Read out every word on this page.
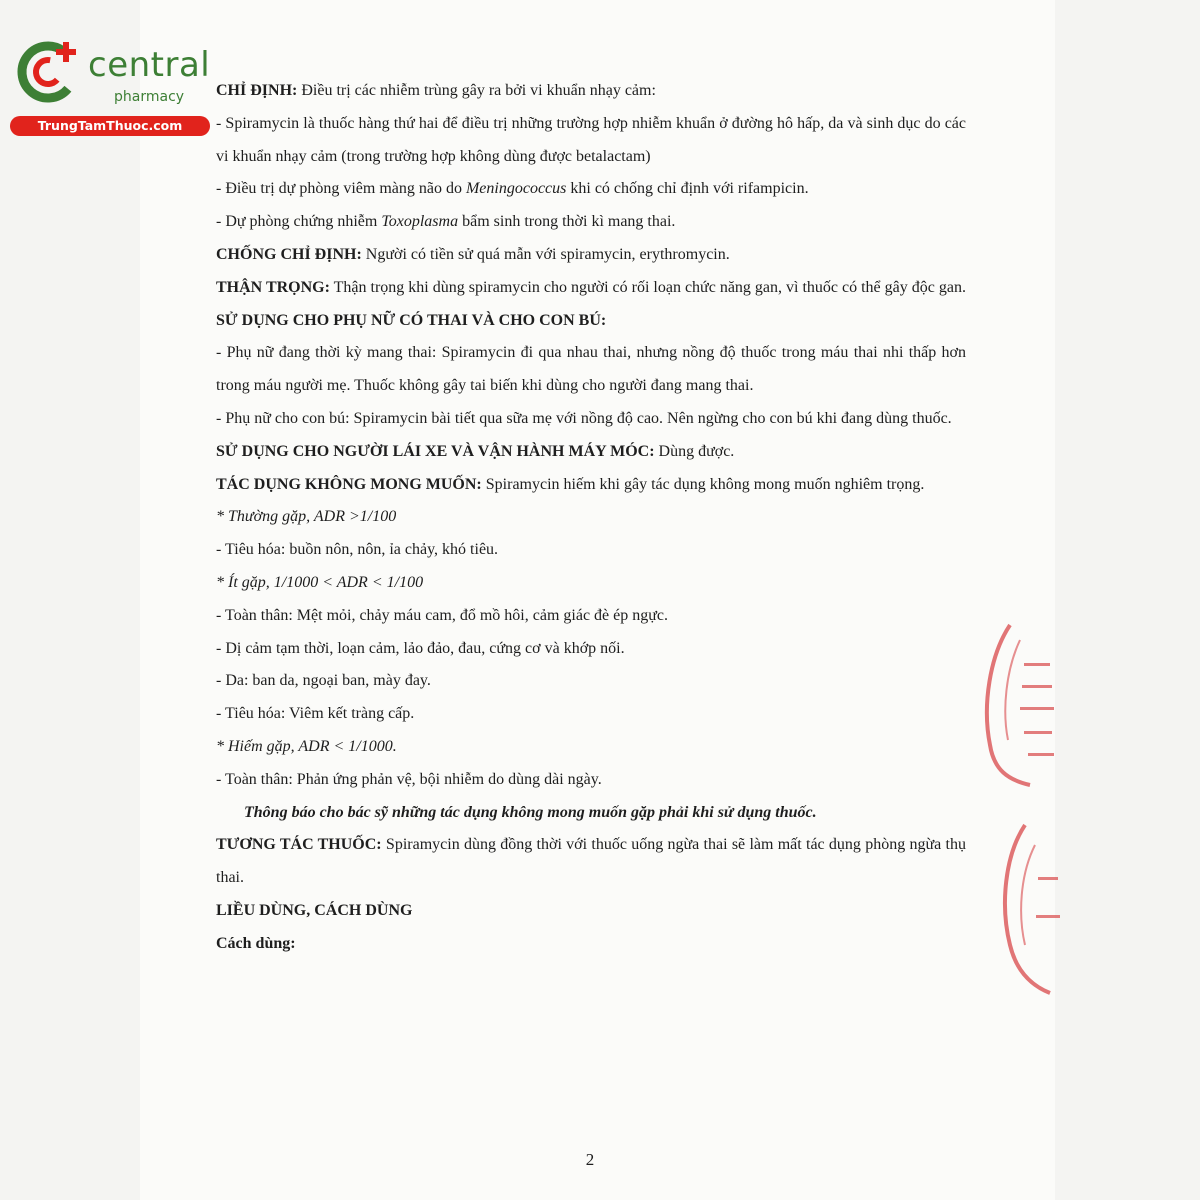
central
pharmacy
TrungTamThuoc.com

CHỈ ĐỊNH: Điều trị các nhiễm trùng gây ra bởi vi khuẩn nhạy cảm:

- Spiramycin là thuốc hàng thứ hai để điều trị những trường hợp nhiễm khuẩn ở đường hô hấp, da và sinh dục do các vi khuẩn nhạy cảm (trong trường hợp không dùng được betalactam)

- Điều trị dự phòng viêm màng não do Meningococcus khi có chống chỉ định với rifampicin.

- Dự phòng chứng nhiễm Toxoplasma bẩm sinh trong thời kì mang thai.

CHỐNG CHỈ ĐỊNH: Người có tiền sử quá mẫn với spiramycin, erythromycin.

THẬN TRỌNG: Thận trọng khi dùng spiramycin cho người có rối loạn chức năng gan, vì thuốc có thể gây độc gan.

SỬ DỤNG CHO PHỤ NỮ CÓ THAI VÀ CHO CON BÚ:

- Phụ nữ đang thời kỳ mang thai: Spiramycin đi qua nhau thai, nhưng nồng độ thuốc trong máu thai nhi thấp hơn trong máu người mẹ. Thuốc không gây tai biến khi dùng cho người đang mang thai.

- Phụ nữ cho con bú: Spiramycin bài tiết qua sữa mẹ với nồng độ cao. Nên ngừng cho con bú khi đang dùng thuốc.

SỬ DỤNG CHO NGƯỜI LÁI XE VÀ VẬN HÀNH MÁY MÓC: Dùng được.

TÁC DỤNG KHÔNG MONG MUỐN: Spiramycin hiếm khi gây tác dụng không mong muốn nghiêm trọng.

* Thường gặp, ADR >1/100

- Tiêu hóa: buồn nôn, nôn, ỉa chảy, khó tiêu.

* Ít gặp, 1/1000 < ADR < 1/100

- Toàn thân: Mệt mỏi, chảy máu cam, đổ mồ hôi, cảm giác đè ép ngực.

- Dị cảm tạm thời, loạn cảm, lảo đảo, đau, cứng cơ và khớp nối.

- Da: ban da, ngoại ban, mày đay.

- Tiêu hóa: Viêm kết tràng cấp.

* Hiếm gặp, ADR < 1/1000.

- Toàn thân: Phản ứng phản vệ, bội nhiễm do dùng dài ngày.

Thông báo cho bác sỹ những tác dụng không mong muốn gặp phải khi sử dụng thuốc.

TƯƠNG TÁC THUỐC: Spiramycin dùng đồng thời với thuốc uống ngừa thai sẽ làm mất tác dụng phòng ngừa thụ thai.

LIỀU DÙNG, CÁCH DÙNG

Cách dùng:

2
